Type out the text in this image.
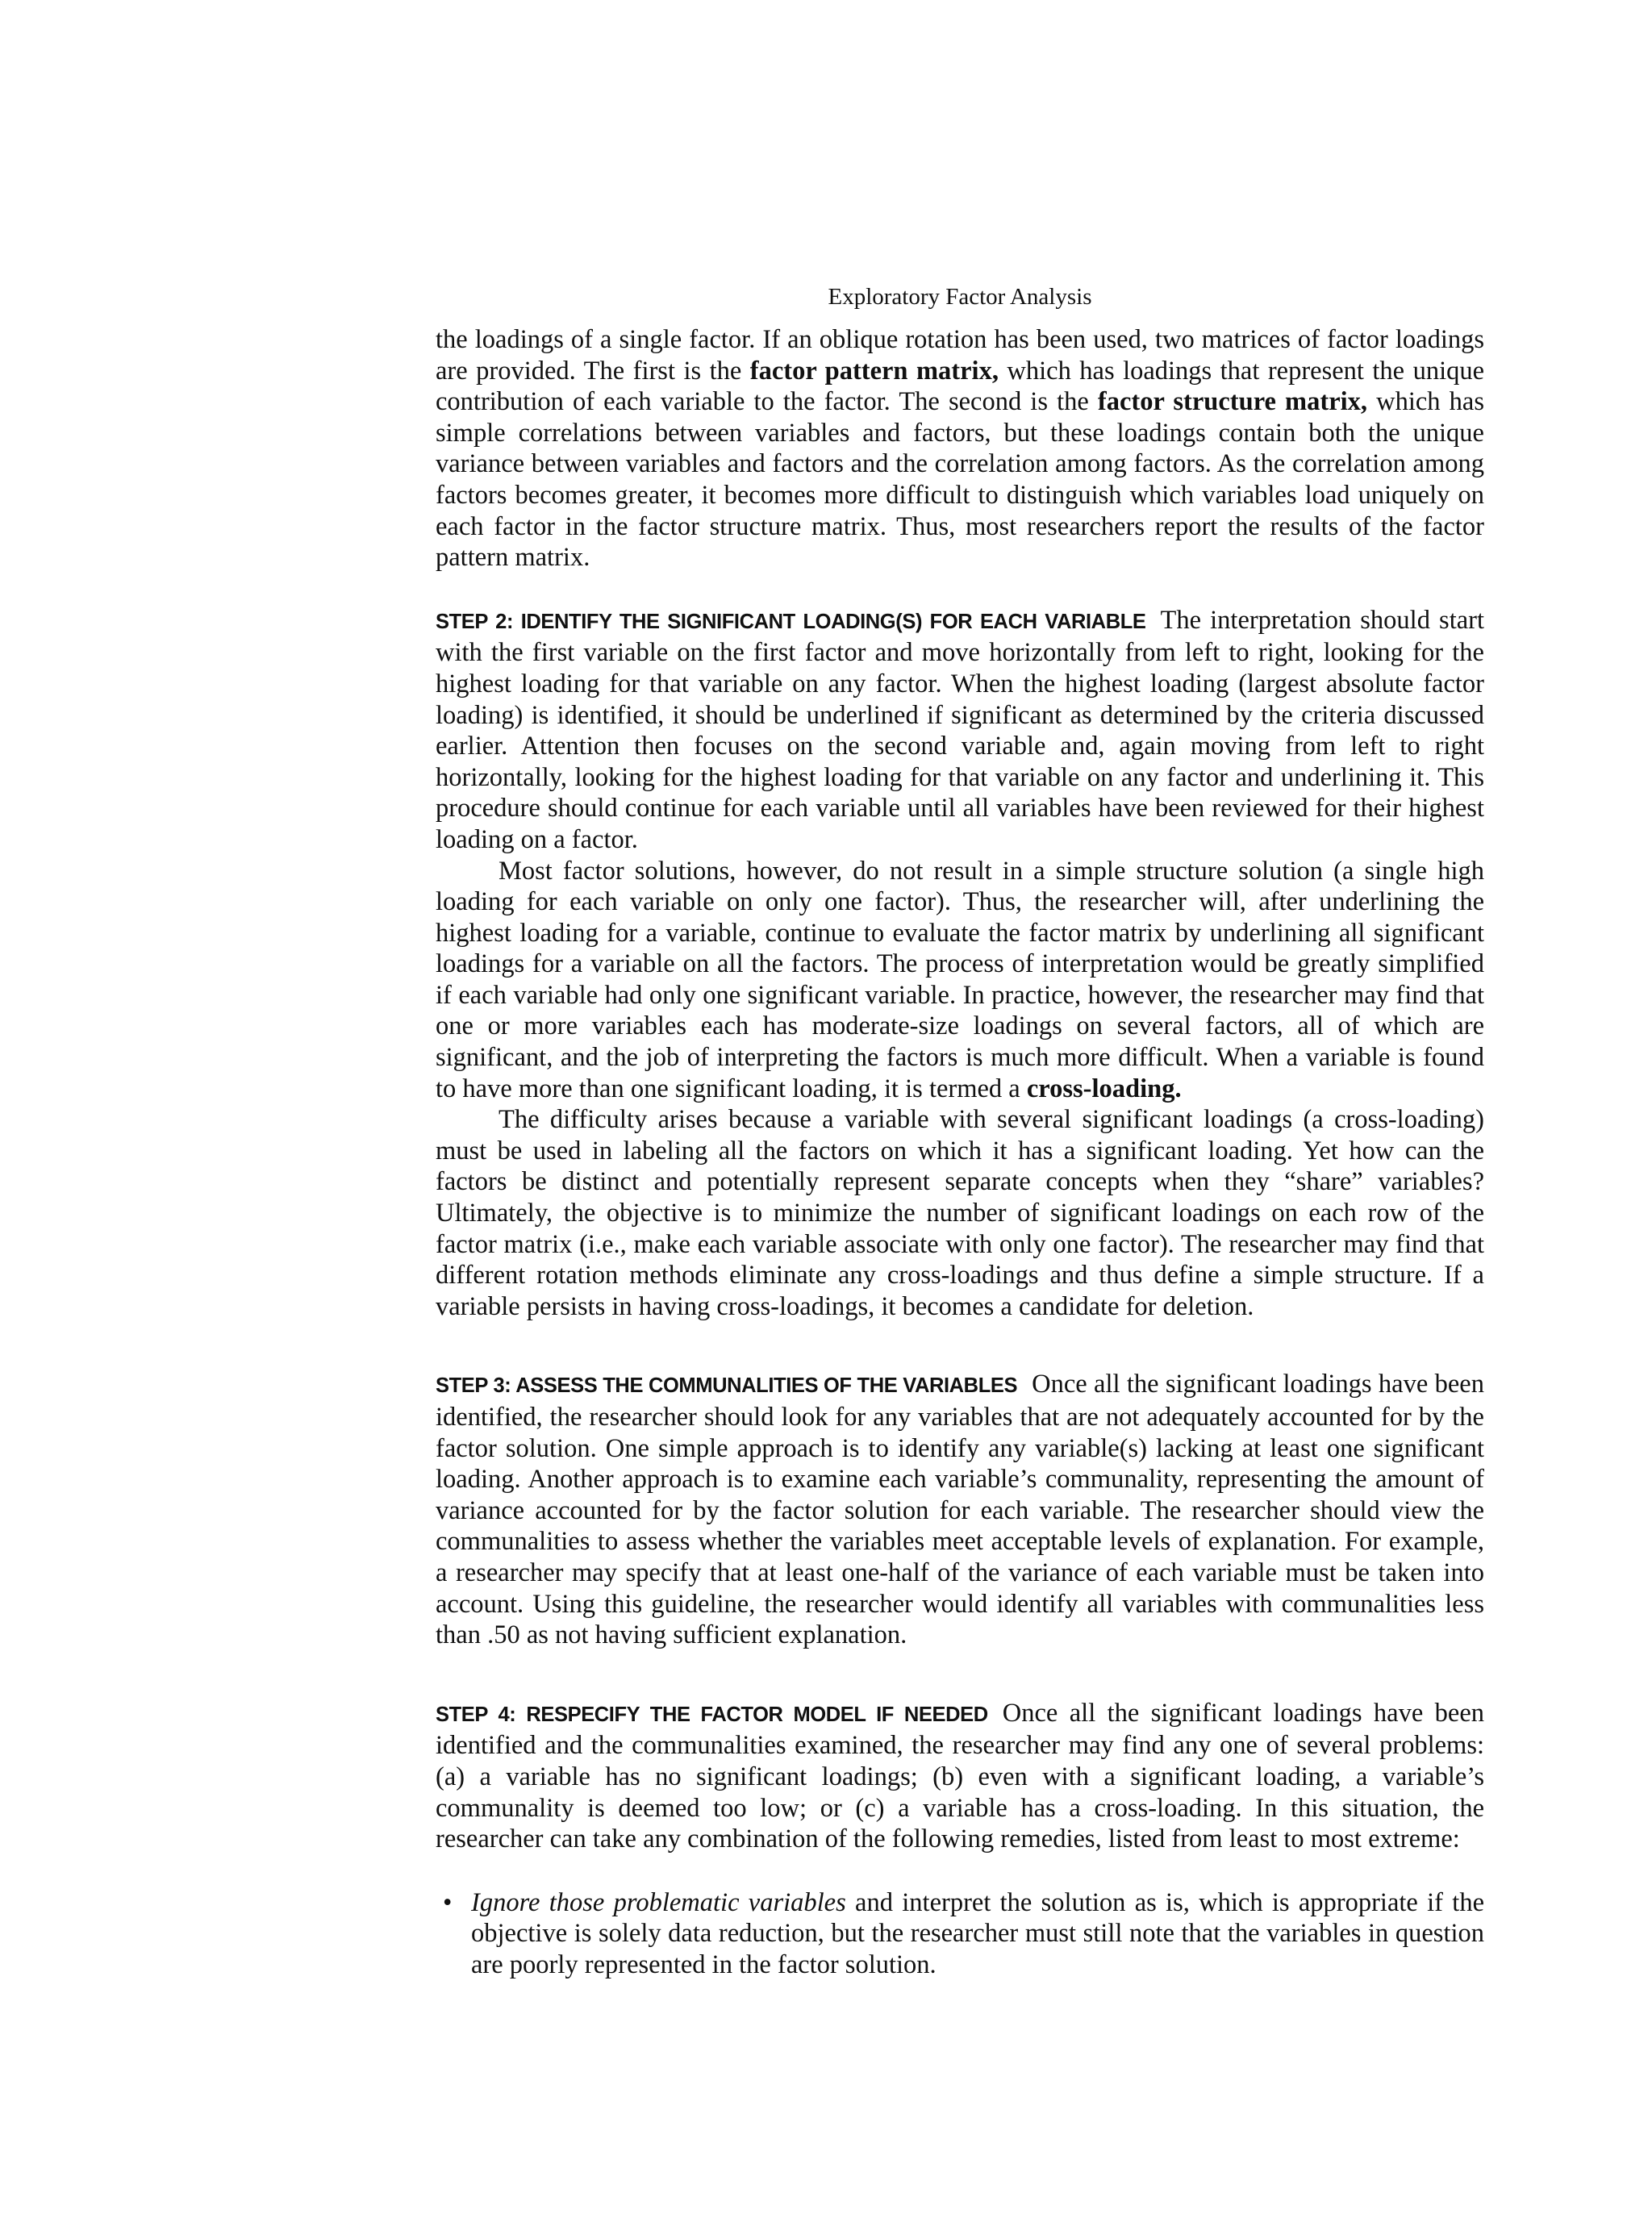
Exploratory Factor Analysis

the loadings of a single factor. If an oblique rotation has been used, two matrices of factor loadings are provided. The first is the factor pattern matrix, which has loadings that represent the unique contribution of each variable to the factor. The second is the factor structure matrix, which has simple correlations between variables and factors, but these loadings contain both the unique variance between variables and factors and the correlation among factors. As the correlation among factors becomes greater, it becomes more difficult to distinguish which variables load uniquely on each factor in the factor structure matrix. Thus, most researchers report the results of the factor pattern matrix.

STEP 2: IDENTIFY THE SIGNIFICANT LOADING(S) FOR EACH VARIABLE The interpretation should start with the first variable on the first factor and move horizontally from left to right, looking for the highest loading for that variable on any factor. When the highest loading (largest absolute factor loading) is identified, it should be underlined if significant as determined by the criteria discussed earlier. Attention then focuses on the second variable and, again moving from left to right horizontally, looking for the highest loading for that variable on any factor and underlining it. This procedure should continue for each variable until all variables have been reviewed for their highest loading on a factor.

Most factor solutions, however, do not result in a simple structure solution (a single high loading for each variable on only one factor). Thus, the researcher will, after underlining the highest loading for a variable, continue to evaluate the factor matrix by underlining all significant loadings for a variable on all the factors. The process of interpretation would be greatly simplified if each variable had only one significant variable. In practice, however, the researcher may find that one or more variables each has moderate-size loadings on several factors, all of which are significant, and the job of interpreting the factors is much more difficult. When a variable is found to have more than one significant loading, it is termed a cross-loading.

The difficulty arises because a variable with several significant loadings (a cross-loading) must be used in labeling all the factors on which it has a significant loading. Yet how can the factors be distinct and potentially represent separate concepts when they “share” variables? Ultimately, the objective is to minimize the number of significant loadings on each row of the factor matrix (i.e., make each variable associate with only one factor). The researcher may find that different rotation methods eliminate any cross-loadings and thus define a simple structure. If a variable persists in having cross-loadings, it becomes a candidate for deletion.

STEP 3: ASSESS THE COMMUNALITIES OF THE VARIABLES Once all the significant loadings have been identified, the researcher should look for any variables that are not adequately accounted for by the factor solution. One simple approach is to identify any variable(s) lacking at least one significant loading. Another approach is to examine each variable’s communality, representing the amount of variance accounted for by the factor solution for each variable. The researcher should view the communalities to assess whether the variables meet acceptable levels of explanation. For example, a researcher may specify that at least one-half of the variance of each variable must be taken into account. Using this guideline, the researcher would identify all variables with communalities less than .50 as not having sufficient explanation.

STEP 4: RESPECIFY THE FACTOR MODEL IF NEEDED Once all the significant loadings have been identified and the communalities examined, the researcher may find any one of several problems: (a) a variable has no significant loadings; (b) even with a significant loading, a variable’s communality is deemed too low; or (c) a variable has a cross-loading. In this situation, the researcher can take any combination of the following remedies, listed from least to most extreme:

• Ignore those problematic variables and interpret the solution as is, which is appropriate if the objective is solely data reduction, but the researcher must still note that the variables in question are poorly represented in the factor solution.
